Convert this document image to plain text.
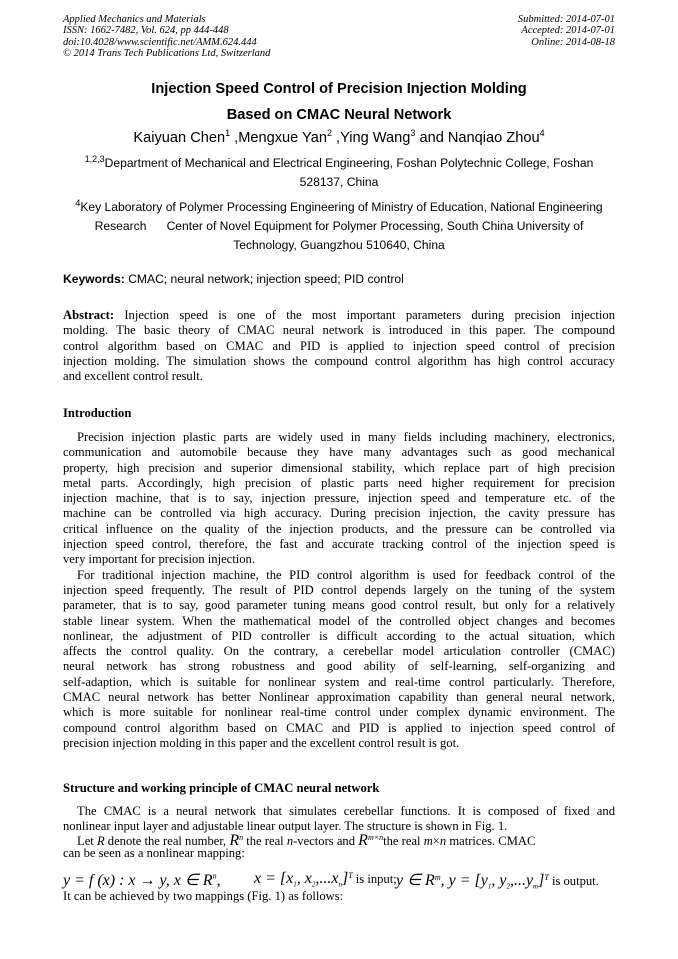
Applied Mechanics and Materials
ISSN: 1662-7482, Vol. 624, pp 444-448
doi:10.4028/www.scientific.net/AMM.624.444
© 2014 Trans Tech Publications Ltd, Switzerland
Submitted: 2014-07-01
Accepted: 2014-07-01
Online: 2014-08-18
Injection Speed Control of Precision Injection Molding
Based on CMAC Neural Network
Kaiyuan Chen$^1$ ,Mengxue Yan$^2$ ,Ying Wang$^3$ and Nanqiao Zhou$^4$
$^{1,2,3}$Department of Mechanical and Electrical Engineering, Foshan Polytechnic College, Foshan
528137, China
$^4$Key Laboratory of Polymer Processing Engineering of Ministry of Education, National Engineering
Research      Center of Novel Equipment for Polymer Processing, South China University of
Technology, Guangzhou 510640, China
Keywords: CMAC; neural network; injection speed; PID control
Abstract: Injection speed is one of the most important parameters during precision injection
molding. The basic theory of CMAC neural network is introduced in this paper. The compound
control algorithm based on CMAC and PID is applied to injection speed control of precision
injection molding. The simulation shows the compound control algorithm has high control accuracy
and excellent control result.
Introduction
Precision injection plastic parts are widely used in many fields including machinery, electronics,
communication and automobile because they have many advantages such as good mechanical
property, high precision and superior dimensional stability, which replace part of high precision
metal parts. Accordingly, high precision of plastic parts need higher requirement for precision
injection machine, that is to say, injection pressure, injection speed and temperature etc. of the
machine can be controlled via high accuracy. During precision injection, the cavity pressure has
critical influence on the quality of the injection products, and the pressure can be controlled via
injection speed control, therefore, the fast and accurate tracking control of the injection speed is
very important for precision injection.
For traditional injection machine, the PID control algorithm is used for feedback control of the
injection speed frequently. The result of PID control depends largely on the tuning of the system
parameter, that is to say, good parameter tuning means good control result, but only for a relatively
stable linear system. When the mathematical model of the controlled object changes and becomes
nonlinear, the adjustment of PID controller is difficult according to the actual situation, which
affects the control quality. On the contrary, a cerebellar model articulation controller (CMAC)
neural network has strong robustness and good ability of self-learning, self-organizing and
self-adaption, which is suitable for nonlinear system and real-time control particularly. Therefore,
CMAC neural network has better Nonlinear approximation capability than general neural network,
which is more suitable for nonlinear real-time control under complex dynamic environment. The
compound control algorithm based on CMAC and PID is applied to injection speed control of
precision injection molding in this paper and the excellent control result is got.
Structure and working principle of CMAC neural network
The CMAC is a neural network that simulates cerebellar functions. It is composed of fixed and
nonlinear input layer and adjustable linear output layer. The structure is shown in Fig. 1.
Let R denote the real number, $R^n$ the real n-vectors and $R^{m\times n}the$ real m×n matrices. CMAC
can be seen as a nonlinear mapping:
y = f (x) : x → y, x ∈ $R^n$, $x = [x_1$, $x_2,...x_n]^T$ is input; y ∈ $R^m$, $y = [y_1$, $y_2,...y_m]^T$ is output.
It can be achieved by two mappings (Fig. 1) as follows:
